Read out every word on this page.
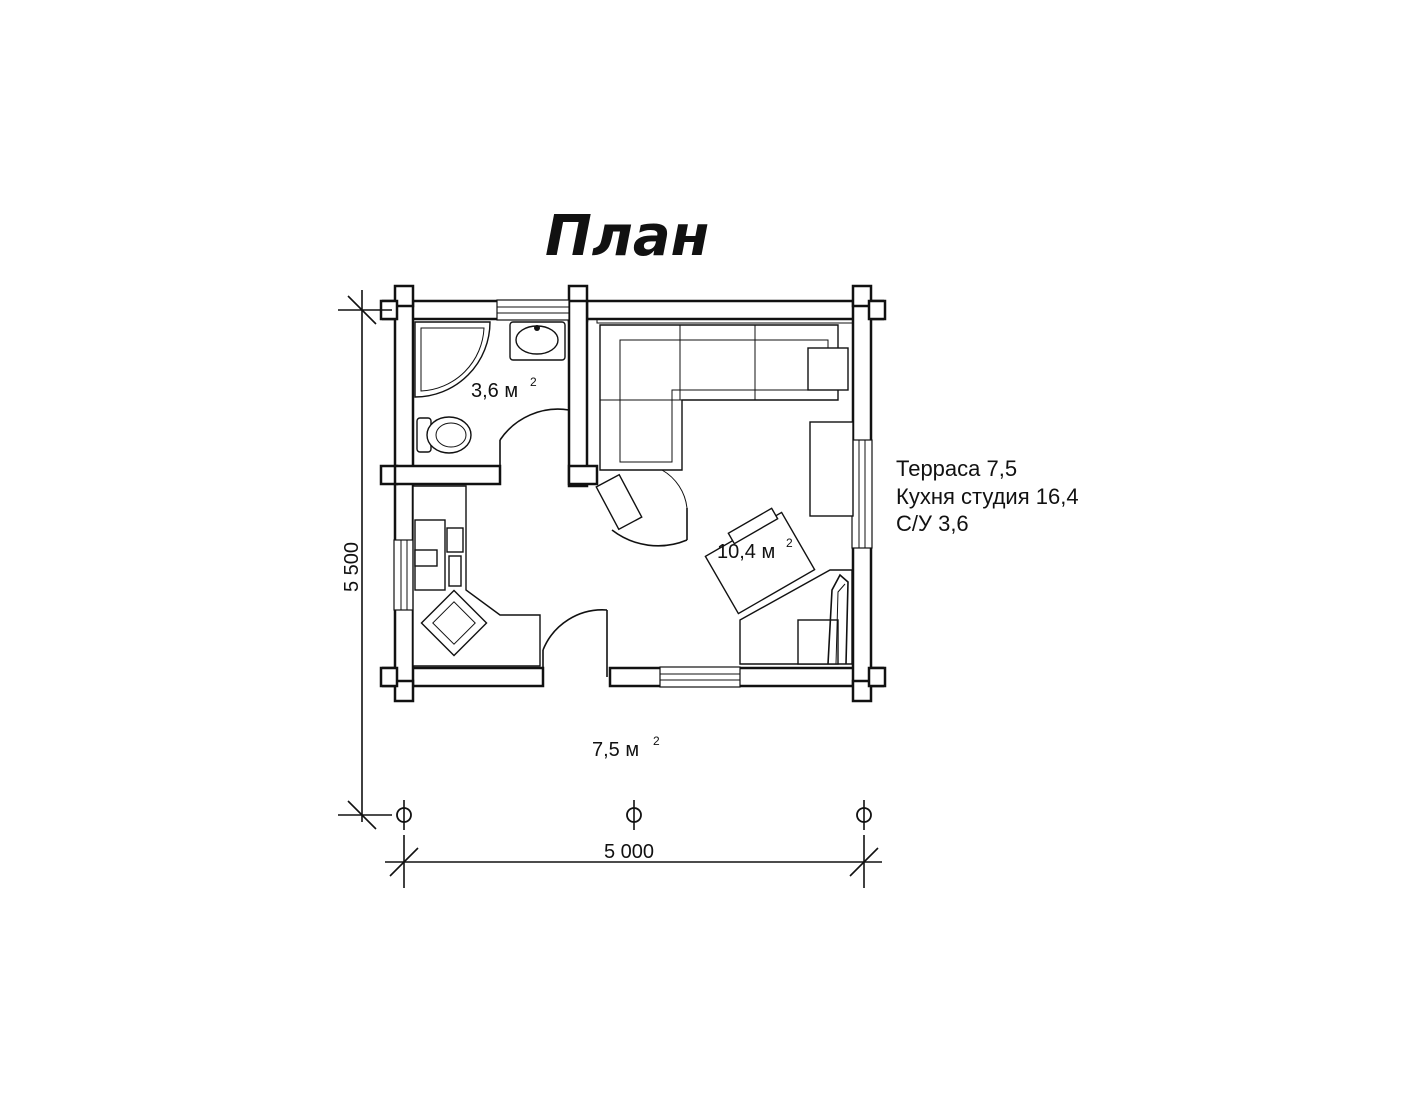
План
3,6 м 2
10,4 м 2
7,5 м 2
Терраса 7,5
Кухня студия 16,4
С/У 3,6
5 500
5 000
